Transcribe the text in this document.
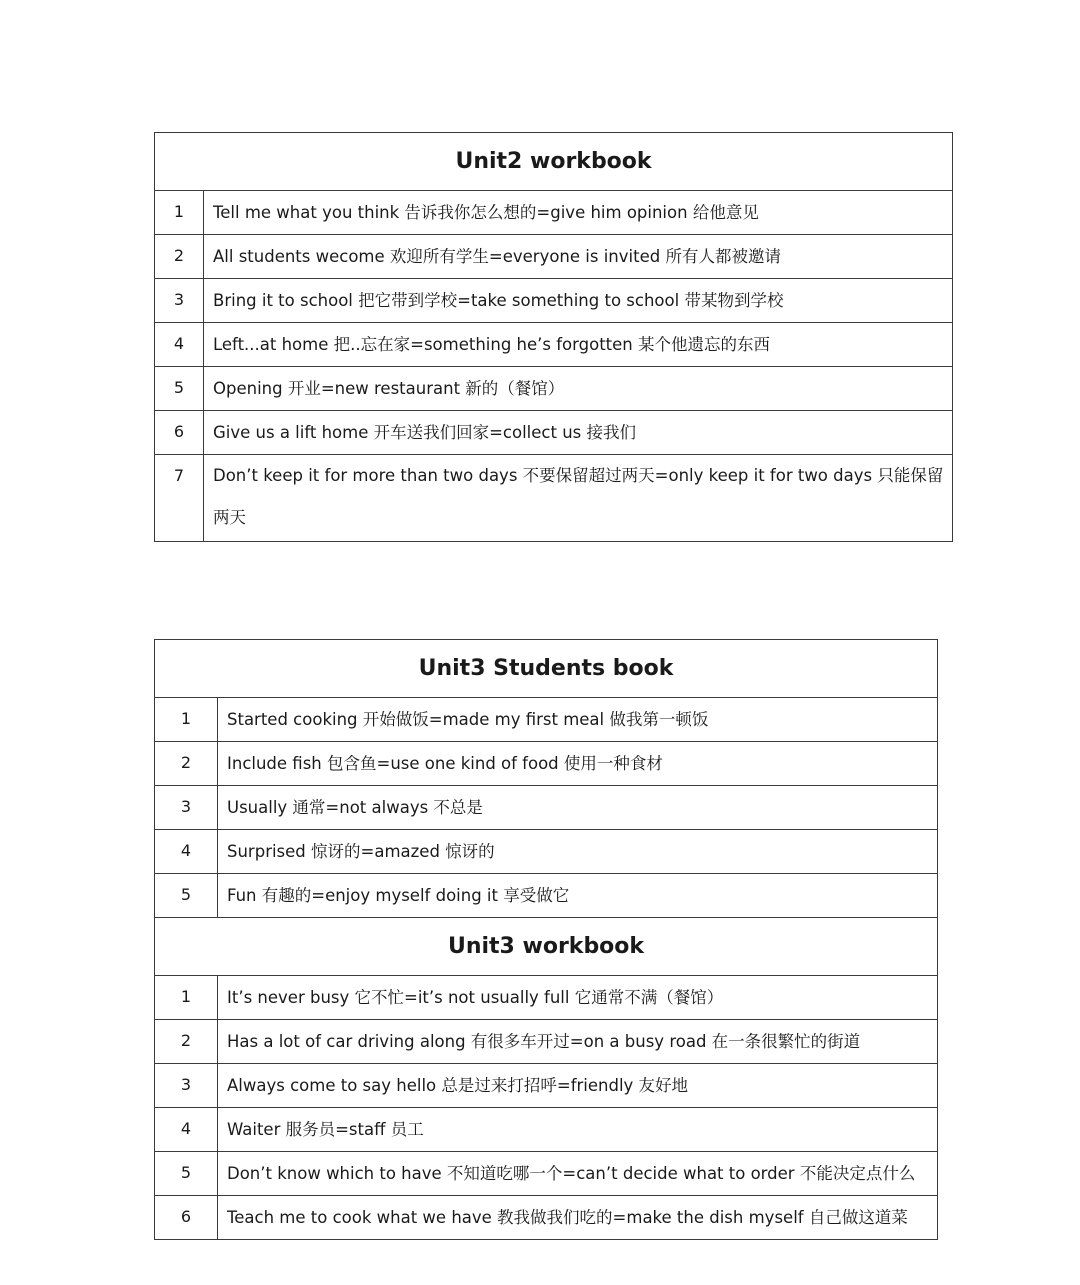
Unit2 workbook	
1	Tell me what you think 告诉我你怎么想的=give him opinion 给他意见
2	All students wecome 欢迎所有学生=everyone is invited 所有人都被邀请
3	Bring it to school 把它带到学校=take something to school 带某物到学校
4	Left...at home 把..忘在家=something he’s forgotten 某个他遗忘的东西
5	Opening 开业=new restaurant 新的（餐馆）
6	Give us a lift home 开车送我们回家=collect us 接我们
7	Don’t keep it for more than two days 不要保留超过两天=only keep it for two days 只能保留两天
Unit3 Students book	
1	Started cooking 开始做饭=made my first meal 做我第一顿饭
2	Include fish 包含鱼=use one kind of food 使用一种食材
3	Usually 通常=not always 不总是
4	Surprised 惊讶的=amazed 惊讶的
5	Fun 有趣的=enjoy myself doing it 享受做它
Unit3 workbook	
1	It’s never busy 它不忙=it’s not usually full 它通常不满（餐馆）
2	Has a lot of car driving along 有很多车开过=on a busy road 在一条很繁忙的街道
3	Always come to say hello 总是过来打招呼=friendly 友好地
4	Waiter 服务员=staff 员工
5	Don’t know which to have 不知道吃哪一个=can’t decide what to order 不能决定点什么
6	Teach me to cook what we have 教我做我们吃的=make the dish myself 自己做这道菜
